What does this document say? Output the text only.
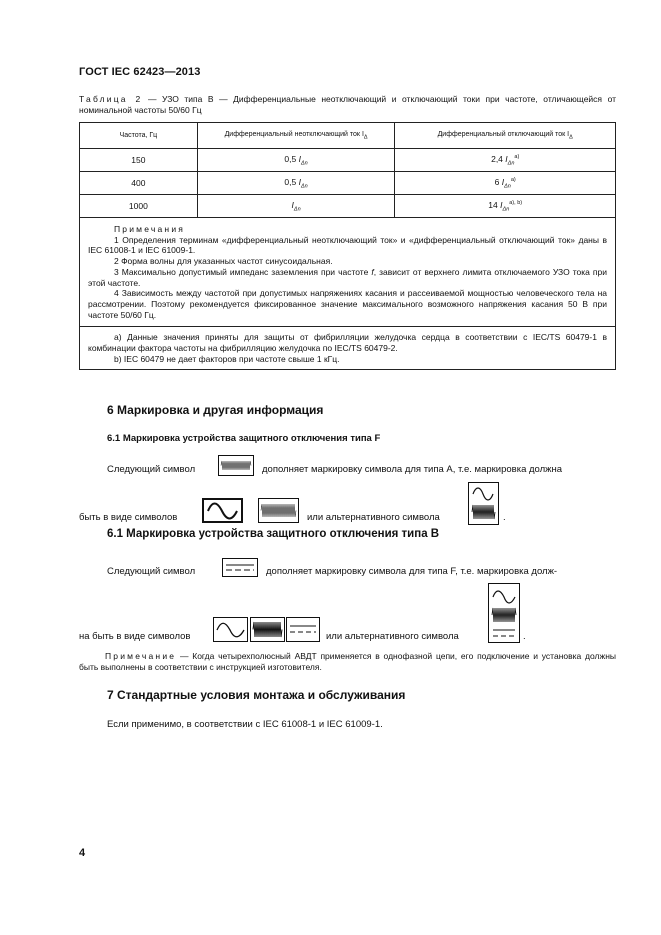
ГОСТ IEC 62423—2013
Таблица 2 — УЗО типа B — Дифференциальные неотключающий и отключающий токи при частоте, отличающейся от номинальной частоты 50/60 Гц
Частота, Гц	Дифференциальный неотключающий ток $I_\Delta$	Дифференциальный отключающий ток $I_\Delta$
150	0,5 $I_{\Delta n}$	2,4 $I_{\Delta n}^{a)}$
400	0,5 $I_{\Delta n}$	6 $I_{\Delta n}^{a)}$
1000	$I_{\Delta n}$	14 $I_{\Delta n}^{a), b)}$

Примечания

1 Определения терминам «дифференциальный неотключающий ток» и «дифференциальный отключающий ток» даны в IEC 61008-1 и IEC 61009-1.

2 Форма волны для указанных частот синусоидальная.

3 Максимально допустимый импеданс заземления при частоте f, зависит от верхнего лимита отключаемого УЗО тока при этой частоте.

4 Зависимость между частотой при допустимых напряжениях касания и рассеиваемой мощностью человеческого тела на рассмотрении. Поэтому рекомендуется фиксированное значение максимального возможного напряжения касания 50 В при частоте 50/60 Гц.		

a) Данные значения приняты для защиты от фибрилляции желудочка сердца в соответствии с IEC/TS 60479-1 в комбинации фактора частоты на фибрилляцию желудочка по IEC/TS 60479-2.

b) IEC 60479 не дает факторов при частоте свыше 1 кГц.		

6 Маркировка и другая информация
6.1 Маркировка устройства защитного отключения типа F
Следующий символ	дополняет маркировку символа для типа A, т.е. маркировка должна
быть в виде символов	или альтернативного символа	.
6.1 Маркировка устройства защитного отключения типа B
Следующий символ	дополняет маркировку символа для типа F, т.е. маркировка долж-
на быть в виде символов	или альтернативного символа	.
Примечание — Когда четырехполюсный АВДТ применяется в однофазной цепи, его подключение и установка должны быть выполнены в соответствии с инструкцией изготовителя.
7 Стандартные условия монтажа и обслуживания
Если применимо, в соответствии с IEC 61008-1 и IEC 61009-1.
4
